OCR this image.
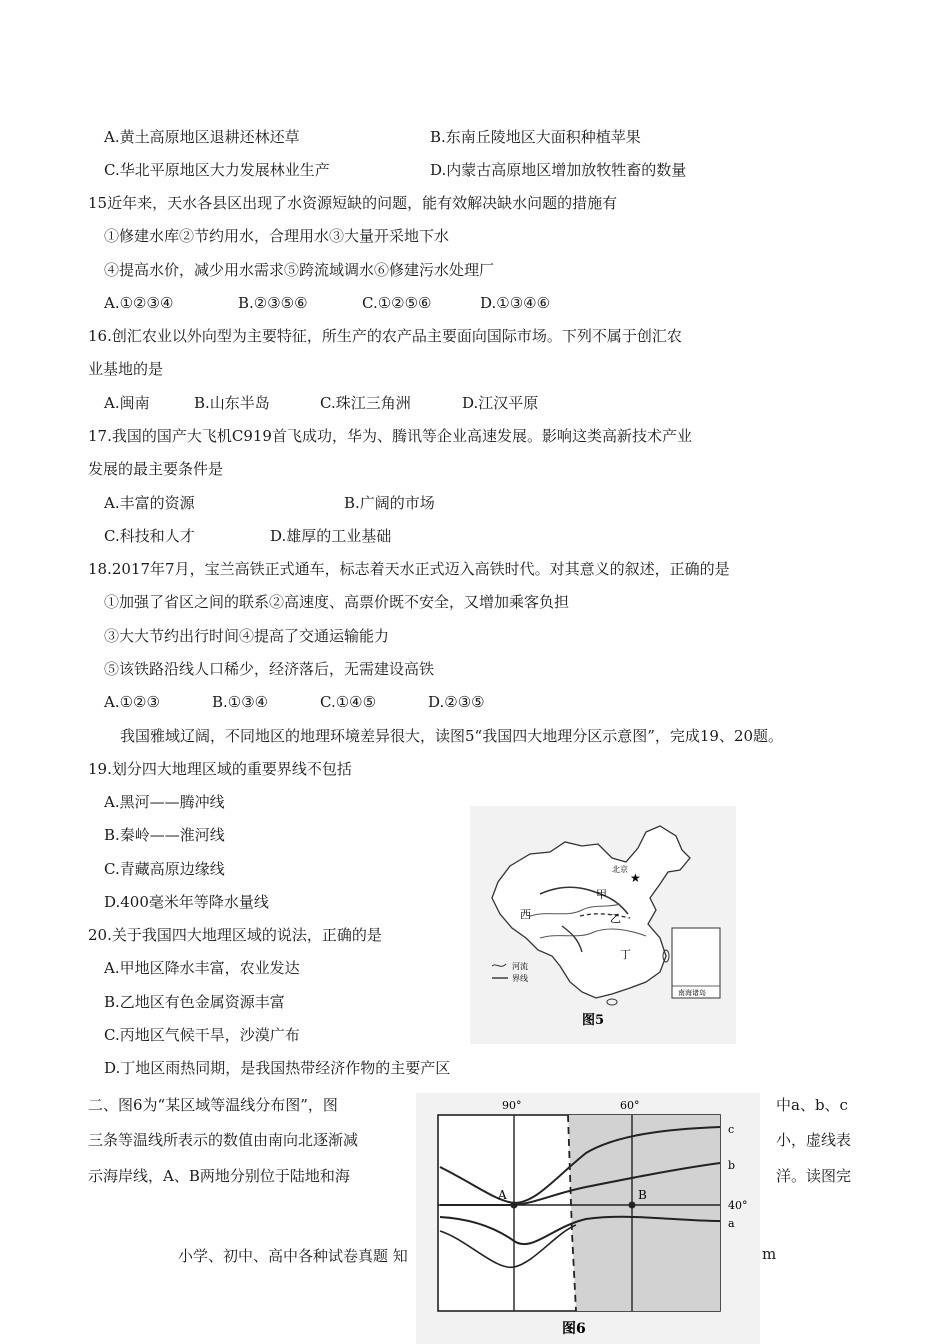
A.黄土高原地区退耕还林还草	B.东南丘陵地区大面积种植苹果
C.华北平原地区大力发展林业生产	D.内蒙古高原地区增加放牧牲畜的数量
15近年来，天水各县区出现了水资源短缺的问题，能有效解决缺水问题的措施有
①修建水库②节约用水，合理用水③大量开采地下水
④提高水价，减少用水需求⑤跨流域调水⑥修建污水处理厂
A.①②③④	B.②③⑤⑥	C.①②⑤⑥	D.①③④⑥
16.创汇农业以外向型为主要特征，所生产的农产品主要面向国际市场。下列不属于创汇农
业基地的是
A.闽南	B.山东半岛	C.珠江三角洲	D.江汉平原
17.我国的国产大飞机C919首飞成功，华为、腾讯等企业高速发展。影响这类高新技术产业
发展的最主要条件是
A.丰富的资源	B.广阔的市场
C.科技和人才	D.雄厚的工业基础
18.2017年7月，宝兰高铁正式通车，标志着天水正式迈入高铁时代。对其意义的叙述，正确的是
①加强了省区之间的联系②高速度、高票价既不安全，又增加乘客负担
③大大节约出行时间④提高了交通运输能力
⑤该铁路沿线人口稀少，经济落后，无需建设高铁
A.①②③	B.①③④	C.①④⑤	D.②③⑤
我国雅域辽阔，不同地区的地理环境差异很大，读图5“我国四大地理分区示意图”，完成19、20题。
19.划分四大地理区域的重要界线不包括
A.黑河——腾冲线
B.秦岭——淮河线
C.青藏高原边缘线
D.400毫米年等降水量线
20.关于我国四大地理区域的说法，正确的是
A.甲地区降水丰富，农业发达
B.乙地区有色金属资源丰富
C.丙地区气候干旱，沙漠广布
D.丁地区雨热同期，是我国热带经济作物的主要产区
★
北京
甲
乙
西
丁
河流
界线
南海诸岛
图5
二、图6为“某区域等温线分布图”，图	中a、b、c
三条等温线所表示的数值由南向北逐渐减	小，虚线表
示海岸线，A、B两地分别位于陆地和海	洋。读图完
A	B
90°	60°
40°
c
b
a
图6
小学、初中、高中各种试卷真题 知	m
